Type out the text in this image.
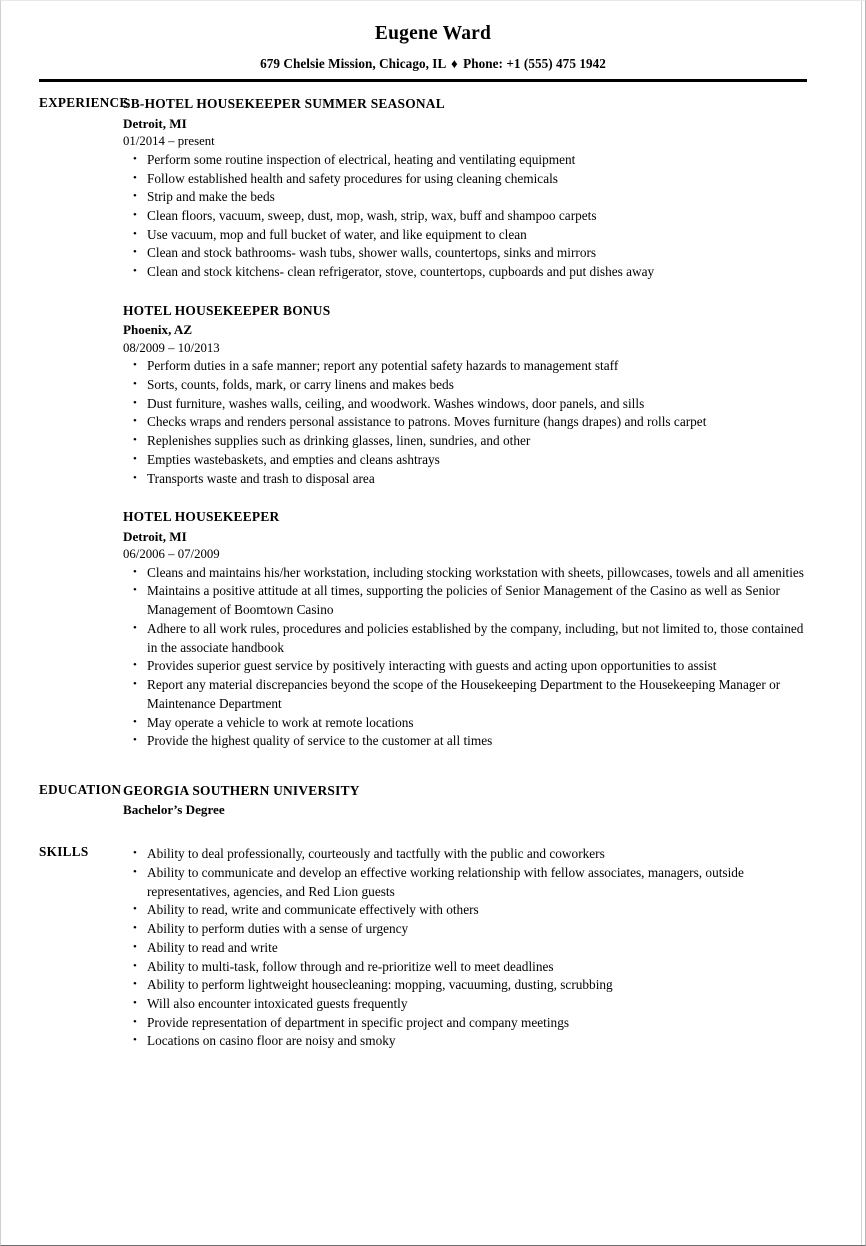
Eugene Ward
679 Chelsie Mission, Chicago, IL ♦ Phone: +1 (555) 475 1942
EXPERIENCE
SB-HOTEL HOUSEKEEPER SUMMER SEASONAL
Detroit, MI
01/2014 – present
• Perform some routine inspection of electrical, heating and ventilating equipment
• Follow established health and safety procedures for using cleaning chemicals
• Strip and make the beds
• Clean floors, vacuum, sweep, dust, mop, wash, strip, wax, buff and shampoo carpets
• Use vacuum, mop and full bucket of water, and like equipment to clean
• Clean and stock bathrooms- wash tubs, shower walls, countertops, sinks and mirrors
• Clean and stock kitchens- clean refrigerator, stove, countertops, cupboards and put dishes away
HOTEL HOUSEKEEPER BONUS
Phoenix, AZ
08/2009 – 10/2013
• Perform duties in a safe manner; report any potential safety hazards to management staff
• Sorts, counts, folds, mark, or carry linens and makes beds
• Dust furniture, washes walls, ceiling, and woodwork. Washes windows, door panels, and sills
• Checks wraps and renders personal assistance to patrons. Moves furniture (hangs drapes) and rolls carpet
• Replenishes supplies such as drinking glasses, linen, sundries, and other
• Empties wastebaskets, and empties and cleans ashtrays
• Transports waste and trash to disposal area
HOTEL HOUSEKEEPER
Detroit, MI
06/2006 – 07/2009
• Cleans and maintains his/her workstation, including stocking workstation with sheets, pillowcases, towels and all amenities
• Maintains a positive attitude at all times, supporting the policies of Senior Management of the Casino as well as Senior Management of Boomtown Casino
• Adhere to all work rules, procedures and policies established by the company, including, but not limited to, those contained in the associate handbook
• Provides superior guest service by positively interacting with guests and acting upon opportunities to assist
• Report any material discrepancies beyond the scope of the Housekeeping Department to the Housekeeping Manager or Maintenance Department
• May operate a vehicle to work at remote locations
• Provide the highest quality of service to the customer at all times
EDUCATION GEORGIA SOUTHERN UNIVERSITY
Bachelor’s Degree
SKILLS	• Ability to deal professionally, courteously and tactfully with the public and coworkers
• Ability to communicate and develop an effective working relationship with fellow associates, managers, outside representatives, agencies, and Red Lion guests
• Ability to read, write and communicate effectively with others
• Ability to perform duties with a sense of urgency
• Ability to read and write
• Ability to multi-task, follow through and re-prioritize well to meet deadlines
• Ability to perform lightweight housecleaning: mopping, vacuuming, dusting, scrubbing
• Will also encounter intoxicated guests frequently
• Provide representation of department in specific project and company meetings
• Locations on casino floor are noisy and smoky
